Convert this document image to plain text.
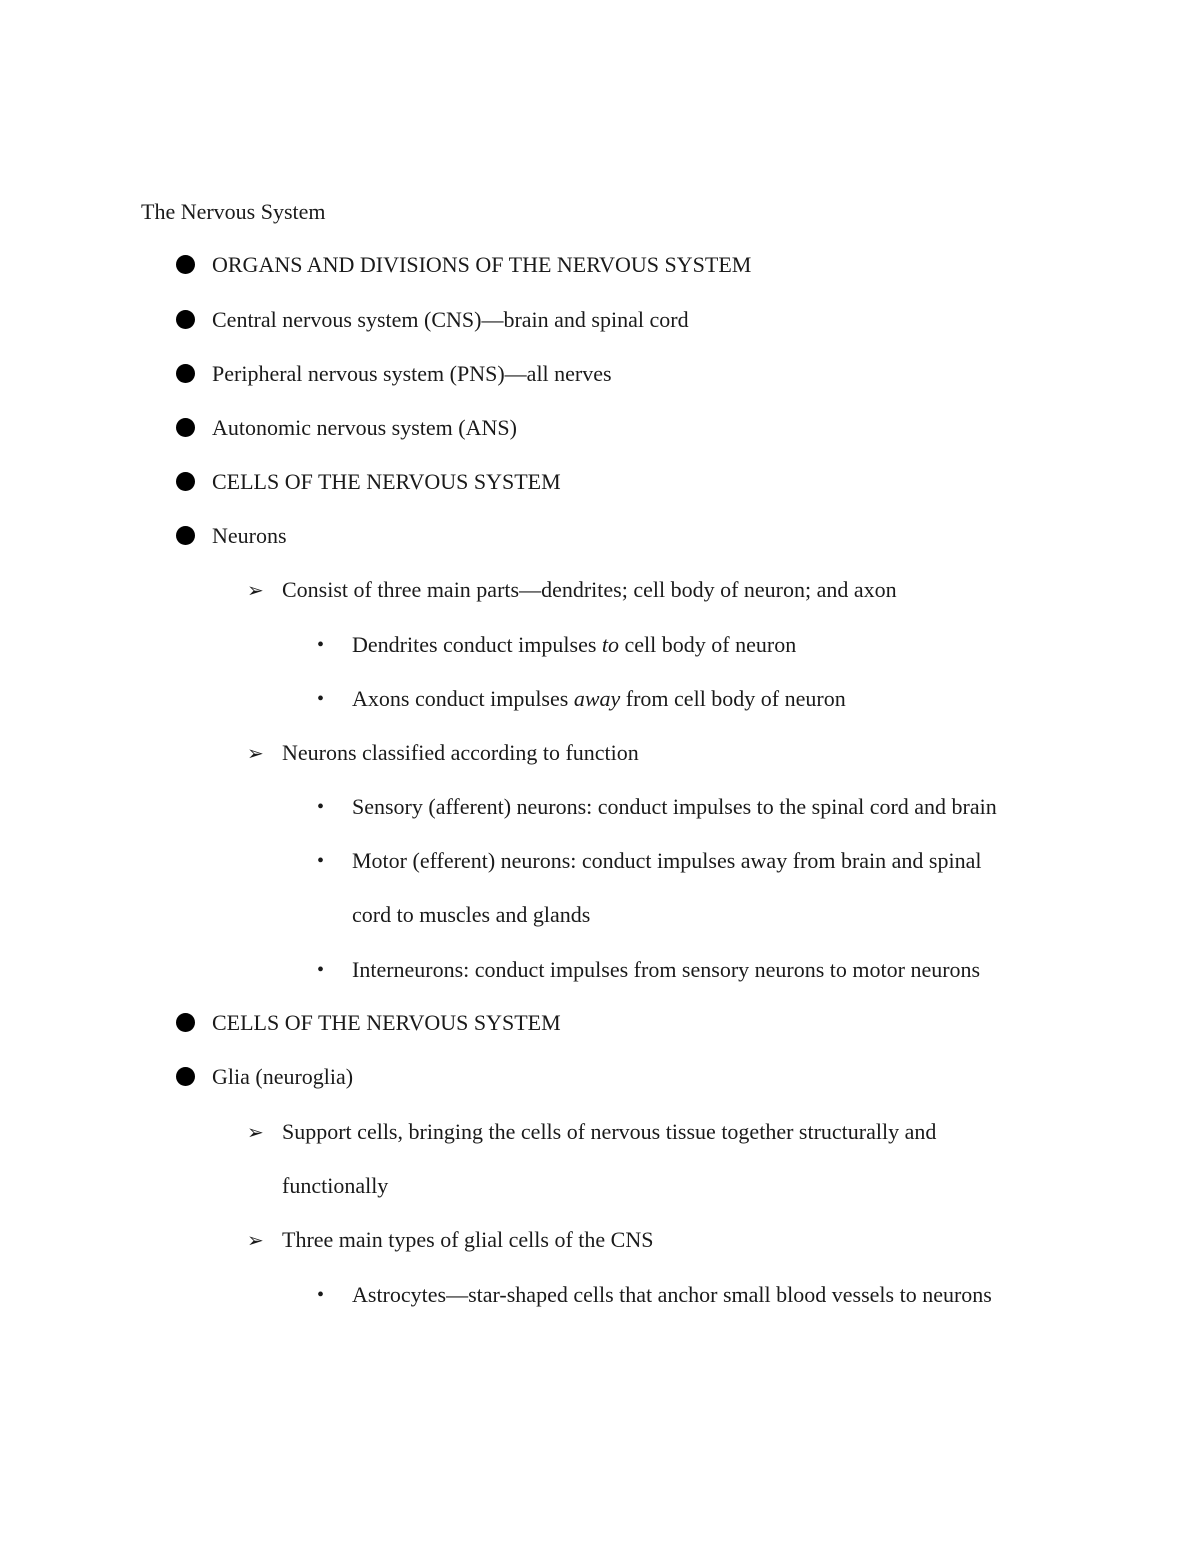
The Nervous System
ORGANS AND DIVISIONS OF THE NERVOUS SYSTEM
Central nervous system (CNS)—brain and spinal cord
Peripheral nervous system (PNS)—all nerves
Autonomic nervous system (ANS)
CELLS OF THE NERVOUS SYSTEM
Neurons
➢ Consist of three main parts—dendrites; cell body of neuron; and axon
• Dendrites conduct impulses to cell body of neuron
• Axons conduct impulses away from cell body of neuron
➢ Neurons classified according to function
• Sensory (afferent) neurons: conduct impulses to the spinal cord and brain
• Motor (efferent) neurons: conduct impulses away from brain and spinal
cord to muscles and glands
• Interneurons: conduct impulses from sensory neurons to motor neurons
CELLS OF THE NERVOUS SYSTEM
Glia (neuroglia)
➢ Support cells, bringing the cells of nervous tissue together structurally and
functionally
➢ Three main types of glial cells of the CNS
• Astrocytes—star-shaped cells that anchor small blood vessels to neurons
